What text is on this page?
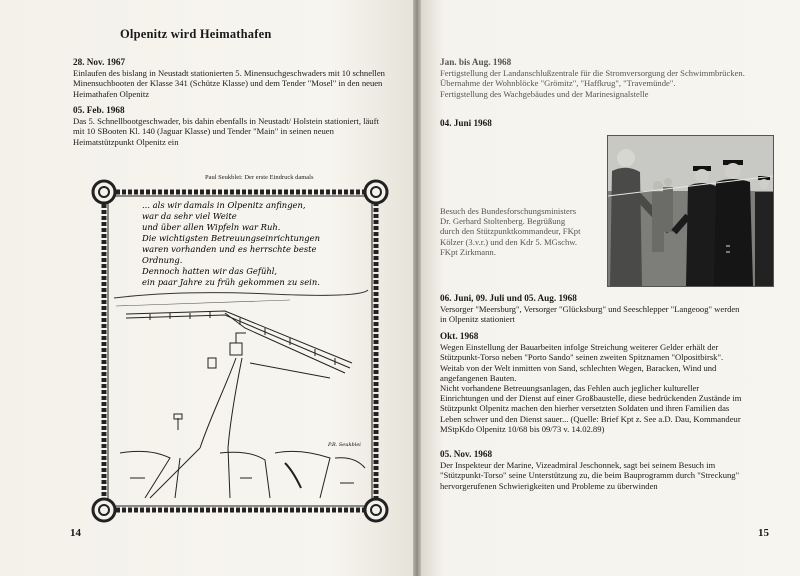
Olpenitz wird Heimathafen
28. Nov. 1967
Einlaufen des bislang in Neustadt stationierten 5. Minensuchgeschwaders mit 10 schnellen
Minensuchbooten der Klasse 341 (Schütze Klasse) und dem Tender "Mosel" in den neuen
Heimathafen Olpenitz
05. Feb. 1968
Das 5. Schnellbootgeschwader, bis dahin ebenfalls in Neustadt/ Holstein stationiert, läuft
mit 10 SBooten Kl. 140 (Jaguar Klasse) und Tender "Main" in seinen neuen
Heimatstützpunkt Olpenitz ein
Paul Seukblei: Der erste Eindruck damals
... als wir damals in Olpenitz anfingen,
war da sehr viel Weite
und über allen Wipfeln war Ruh.
Die wichtigsten Betreuungseinrichtungen
waren vorhanden und es herrschte beste
Ordnung.
Dennoch hatten wir das Gefühl,
ein paar Jahre zu früh gekommen zu sein.
P.R. Seukblei
14
Jan. bis Aug. 1968
Fertigstellung der Landanschlußzentrale für die Stromversorgung der Schwimmbrücken.
Übernahme der Wohnblöcke "Grömitz", "Haffkrug", "Travemünde".
Fertigstellung des Wachgebäudes und der Marinesignalstelle
04. Juni 1968
Besuch des Bundesforschungsministers
Dr. Gerhard Stoltenberg. Begrüßung
durch den Stützpunktkommandeur, FKpt
Kölzer (3.v.r.) und den Kdr 5. MGschw.
FKpt Zirkmann.
06. Juni, 09. Juli und 05. Aug. 1968
Versorger "Meersburg", Versorger "Glücksburg" und Seeschlepper "Langeoog" werden
in Olpenitz stationiert
Okt. 1968
Wegen Einstellung der Bauarbeiten infolge Streichung weiterer Gelder erhält der
Stützpunkt-Torso neben "Porto Sando" seinen zweiten Spitznamen "Olpositbirsk".
Weitab von der Welt inmitten von Sand, schlechten Wegen, Baracken, Wind und
angefangenen Bauten.
Nicht vorhandene Betreuungsanlagen, das Fehlen auch jeglicher kultureller
Einrichtungen und der Dienst auf einer Großbaustelle, diese bedrückenden Zustände im
Stützpunkt Olpenitz machen den hierher versetzten Soldaten und ihren Familien das
Leben schwer und den Dienst sauer... (Quelle: Brief Kpt z. See a.D. Dau, Kommandeur
MStpKdo Olpenitz 10/68 bis 09/73 v. 14.02.89)
05. Nov. 1968
Der Inspekteur der Marine, Vizeadmiral Jeschonnek, sagt bei seinem Besuch im
"Stützpunkt-Torso" seine Unterstützung zu, die beim Bauprogramm durch "Streckung"
hervorgerufenen Schwierigkeiten und Probleme zu überwinden
15
